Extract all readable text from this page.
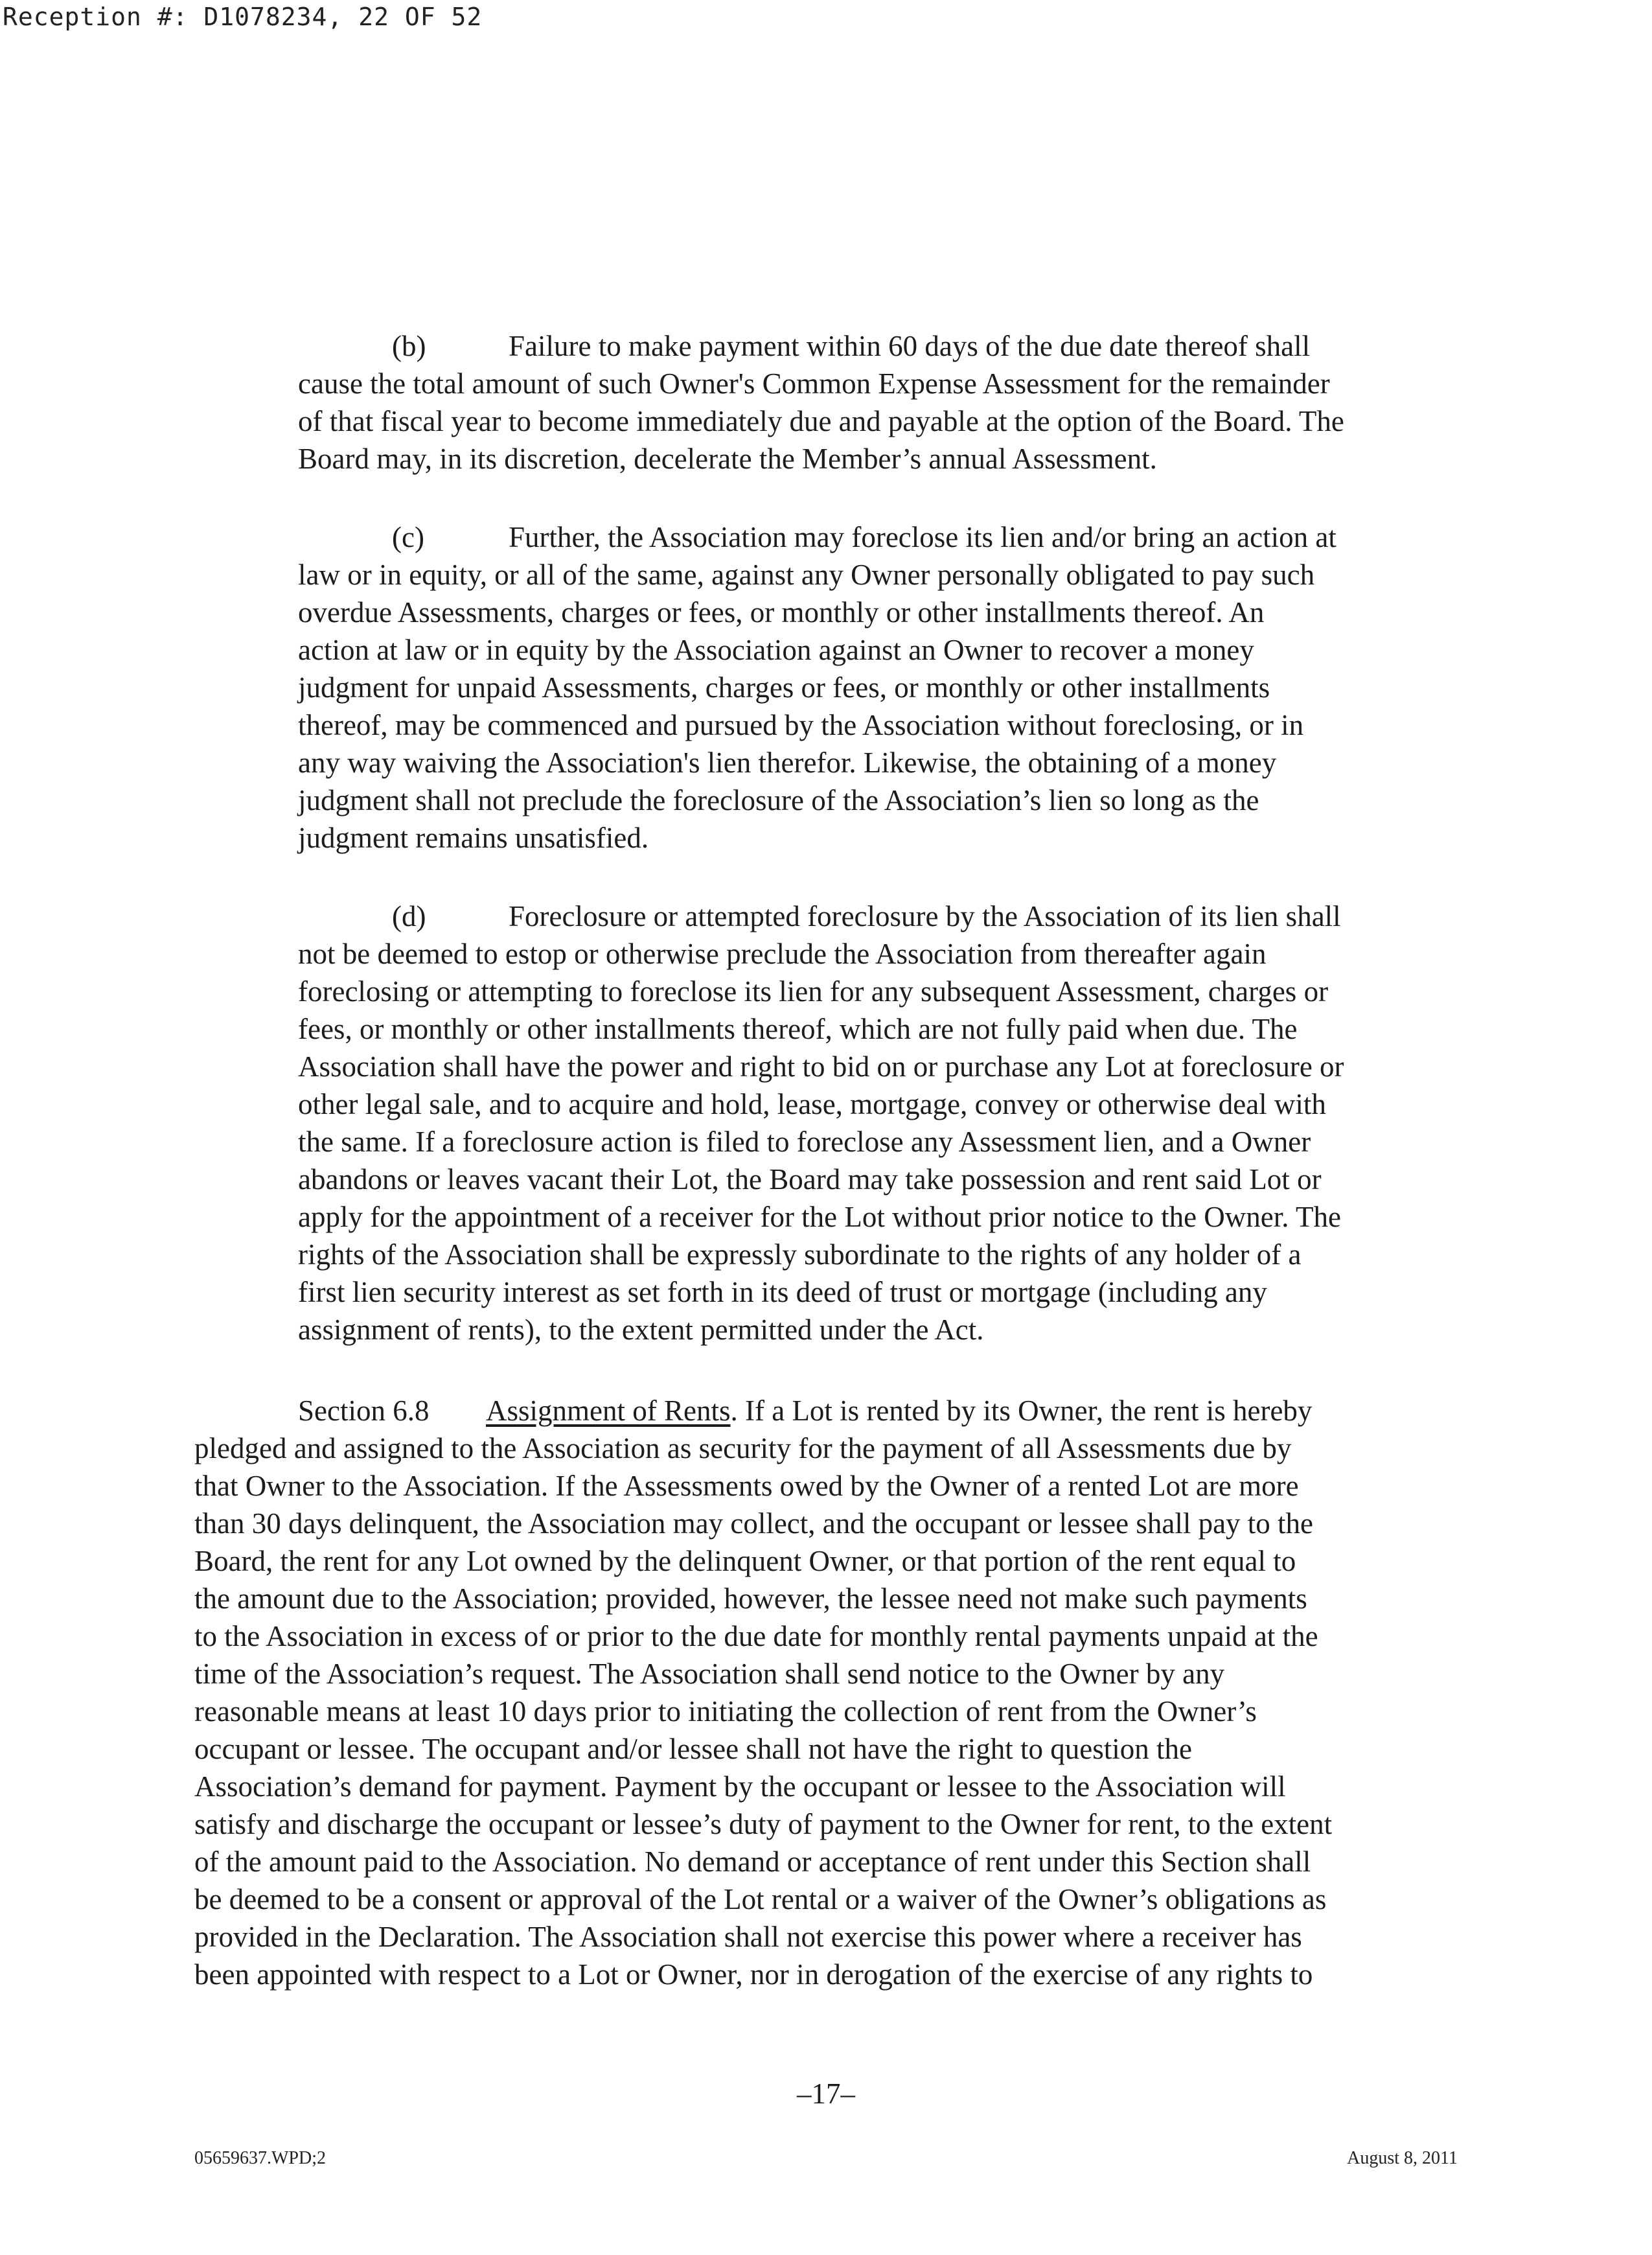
Reception #: D1078234, 22 OF 52
(b)	Failure to make payment within 60 days of the due date thereof shall
cause the total amount of such Owner's Common Expense Assessment for the remainder
of that fiscal year to become immediately due and payable at the option of the Board. The
Board may, in its discretion, decelerate the Member’s annual Assessment.
(c)	Further, the Association may foreclose its lien and/or bring an action at
law or in equity, or all of the same, against any Owner personally obligated to pay such
overdue Assessments, charges or fees, or monthly or other installments thereof. An
action at law or in equity by the Association against an Owner to recover a money
judgment for unpaid Assessments, charges or fees, or monthly or other installments
thereof, may be commenced and pursued by the Association without foreclosing, or in
any way waiving the Association's lien therefor. Likewise, the obtaining of a money
judgment shall not preclude the foreclosure of the Association’s lien so long as the
judgment remains unsatisfied.
(d)	Foreclosure or attempted foreclosure by the Association of its lien shall
not be deemed to estop or otherwise preclude the Association from thereafter again
foreclosing or attempting to foreclose its lien for any subsequent Assessment, charges or
fees, or monthly or other installments thereof, which are not fully paid when due. The
Association shall have the power and right to bid on or purchase any Lot at foreclosure or
other legal sale, and to acquire and hold, lease, mortgage, convey or otherwise deal with
the same. If a foreclosure action is filed to foreclose any Assessment lien, and a Owner
abandons or leaves vacant their Lot, the Board may take possession and rent said Lot or
apply for the appointment of a receiver for the Lot without prior notice to the Owner. The
rights of the Association shall be expressly subordinate to the rights of any holder of a
first lien security interest as set forth in its deed of trust or mortgage (including any
assignment of rents), to the extent permitted under the Act.
Section 6.8 Assignment of Rents. If a Lot is rented by its Owner, the rent is hereby
pledged and assigned to the Association as security for the payment of all Assessments due by
that Owner to the Association. If the Assessments owed by the Owner of a rented Lot are more
than 30 days delinquent, the Association may collect, and the occupant or lessee shall pay to the
Board, the rent for any Lot owned by the delinquent Owner, or that portion of the rent equal to
the amount due to the Association; provided, however, the lessee need not make such payments
to the Association in excess of or prior to the due date for monthly rental payments unpaid at the
time of the Association’s request. The Association shall send notice to the Owner by any
reasonable means at least 10 days prior to initiating the collection of rent from the Owner’s
occupant or lessee. The occupant and/or lessee shall not have the right to question the
Association’s demand for payment. Payment by the occupant or lessee to the Association will
satisfy and discharge the occupant or lessee’s duty of payment to the Owner for rent, to the extent
of the amount paid to the Association. No demand or acceptance of rent under this Section shall
be deemed to be a consent or approval of the Lot rental or a waiver of the Owner’s obligations as
provided in the Declaration. The Association shall not exercise this power where a receiver has
been appointed with respect to a Lot or Owner, nor in derogation of the exercise of any rights to
–17–
05659637.WPD;2	August 8, 2011
